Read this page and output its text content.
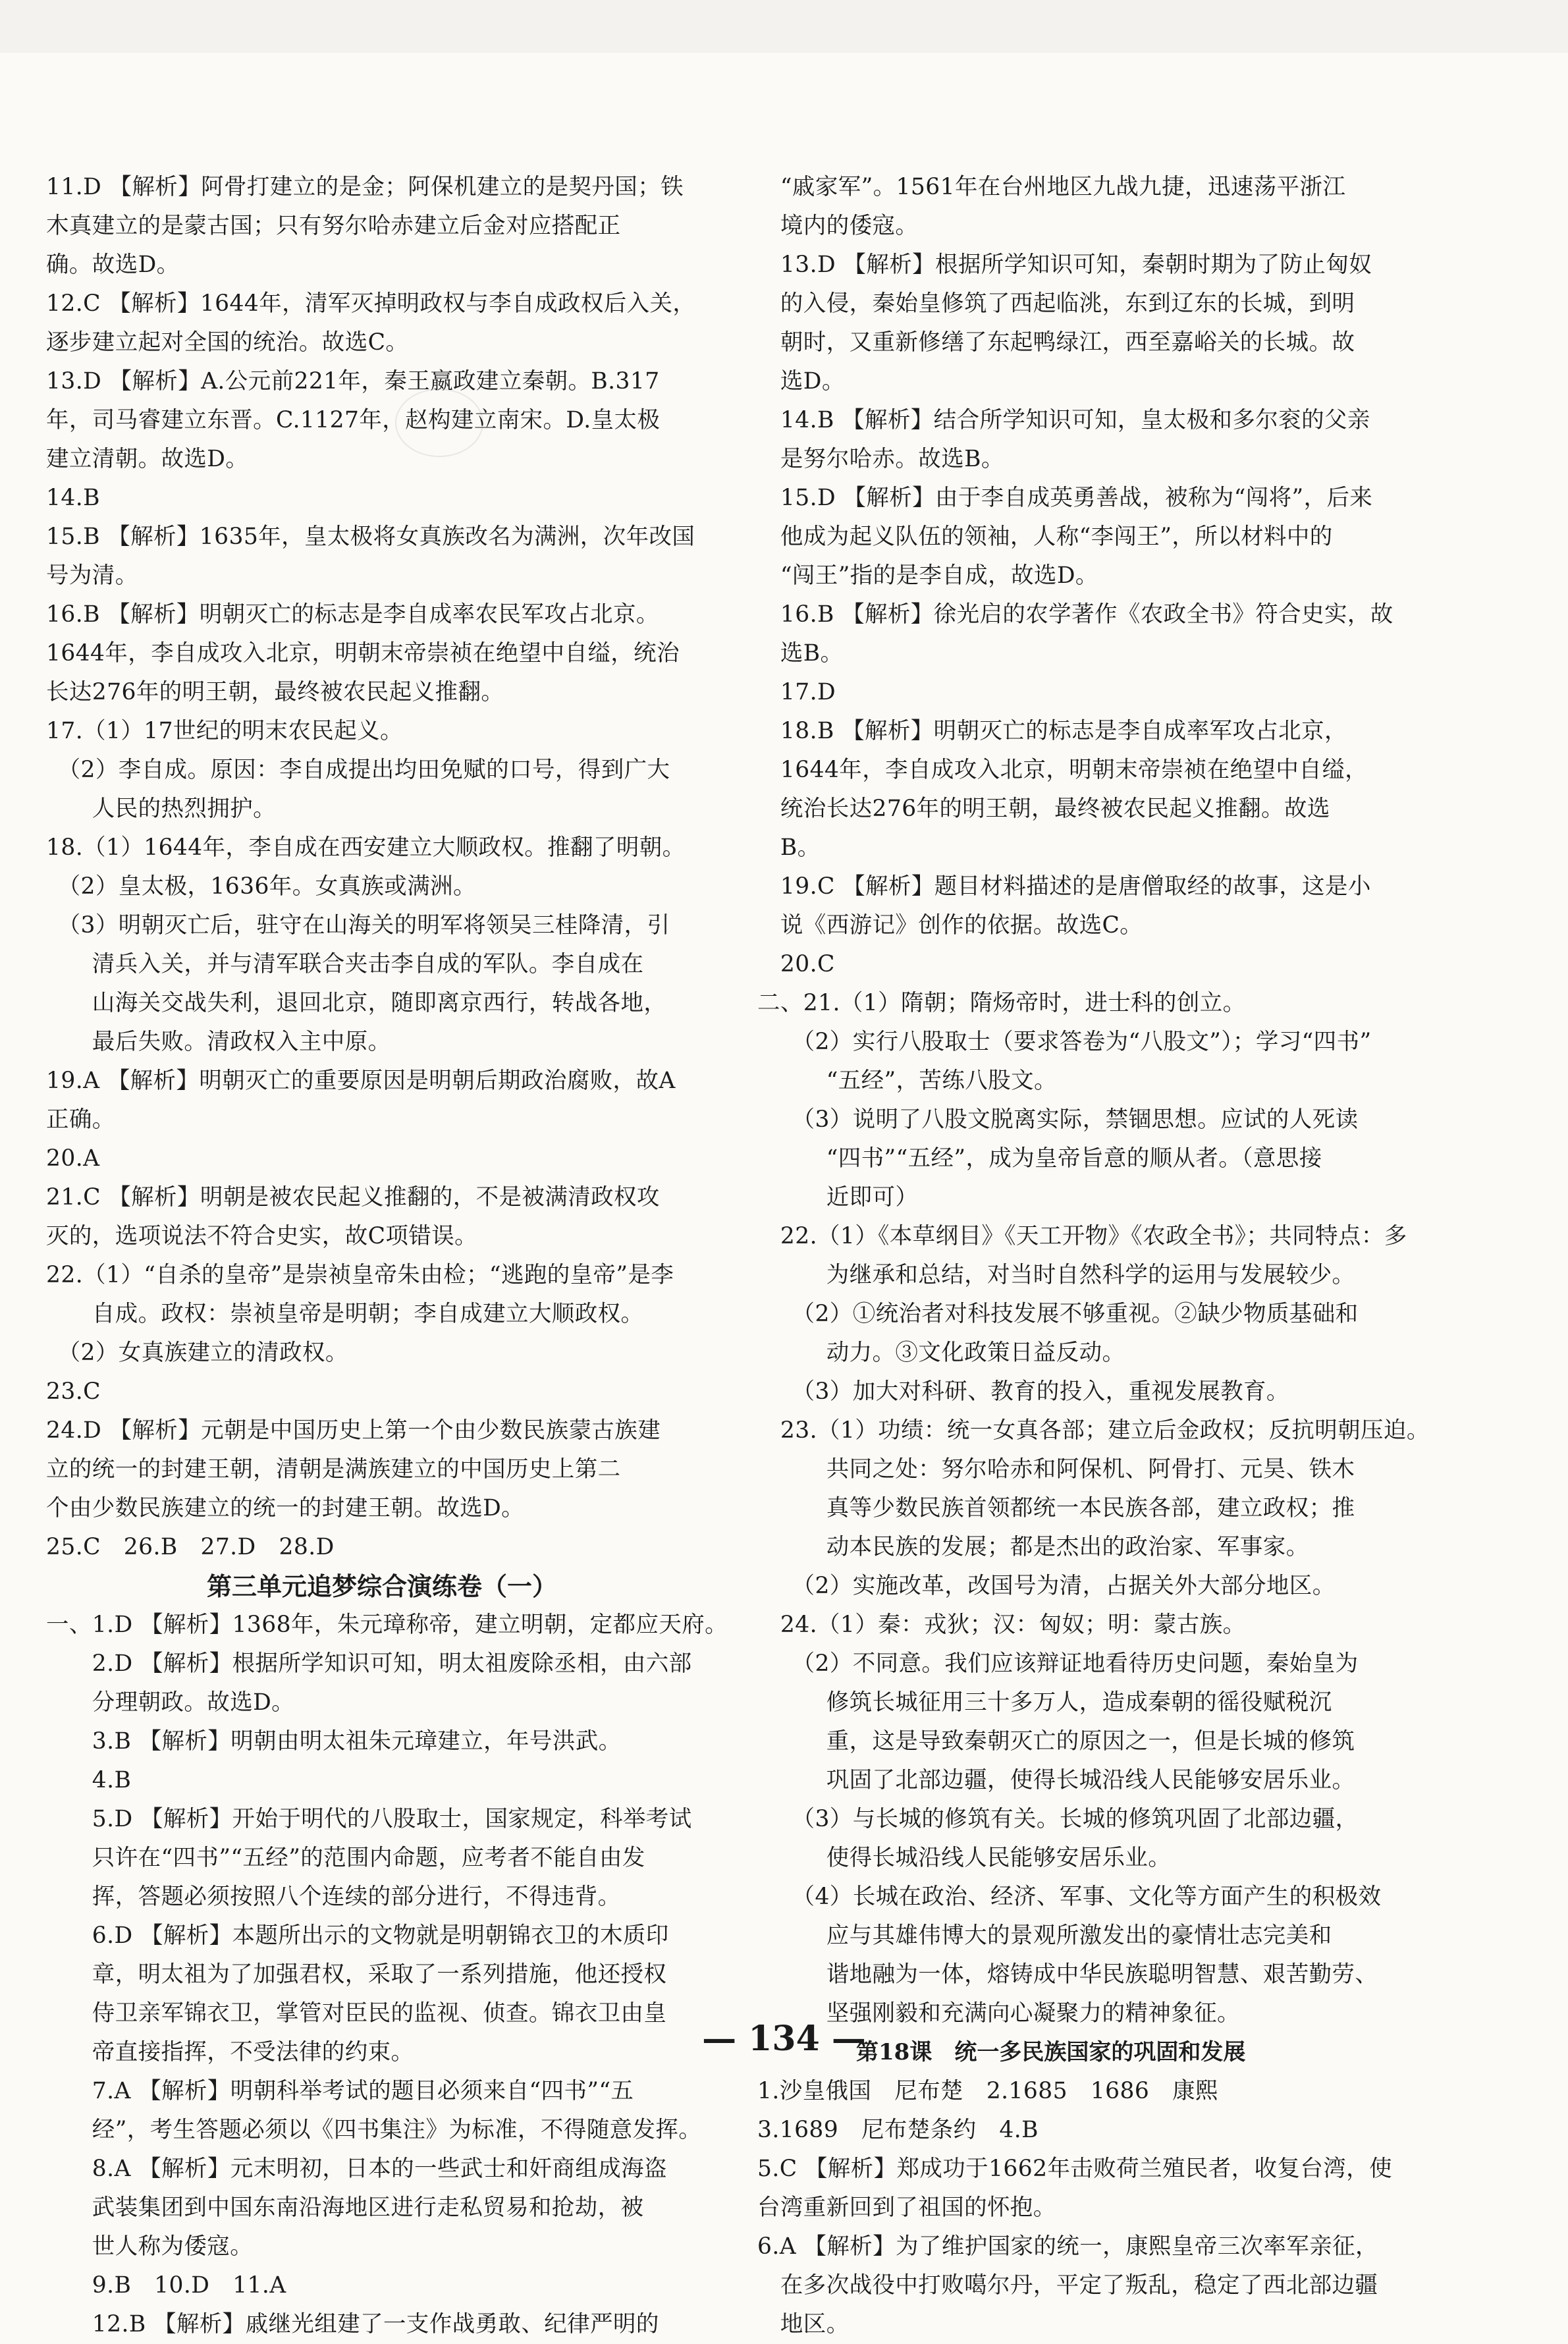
11.D 【解析】阿骨打建立的是金；阿保机建立的是契丹国；铁
木真建立的是蒙古国；只有努尔哈赤建立后金对应搭配正
确。故选D。
12.C 【解析】1644年，清军灭掉明政权与李自成政权后入关，
逐步建立起对全国的统治。故选C。
13.D 【解析】A.公元前221年，秦王嬴政建立秦朝。B.317
年，司马睿建立东晋。C.1127年，赵构建立南宋。D.皇太极
建立清朝。故选D。
14.B
15.B 【解析】1635年，皇太极将女真族改名为满洲，次年改国
号为清。
16.B 【解析】明朝灭亡的标志是李自成率农民军攻占北京。
1644年，李自成攻入北京，明朝末帝崇祯在绝望中自缢，统治
长达276年的明王朝，最终被农民起义推翻。
17.（1）17世纪的明末农民起义。
　（2）李自成。原因：李自成提出均田免赋的口号，得到广大
　　人民的热烈拥护。
18.（1）1644年，李自成在西安建立大顺政权。推翻了明朝。
　（2）皇太极，1636年。女真族或满洲。
　（3）明朝灭亡后，驻守在山海关的明军将领吴三桂降清，引
　　清兵入关，并与清军联合夹击李自成的军队。李自成在
　　山海关交战失利，退回北京，随即离京西行，转战各地，
　　最后失败。清政权入主中原。
19.A 【解析】明朝灭亡的重要原因是明朝后期政治腐败，故A
正确。
20.A
21.C 【解析】明朝是被农民起义推翻的，不是被满清政权攻
灭的，选项说法不符合史实，故C项错误。
22.（1）“自杀的皇帝”是崇祯皇帝朱由检；“逃跑的皇帝”是李
　　自成。政权：崇祯皇帝是明朝；李自成建立大顺政权。
　（2）女真族建立的清政权。
23.C
24.D 【解析】元朝是中国历史上第一个由少数民族蒙古族建
立的统一的封建王朝，清朝是满族建立的中国历史上第二
个由少数民族建立的统一的封建王朝。故选D。
25.C　26.B　27.D　28.D
第三单元追梦综合演练卷（一）
一、1.D 【解析】1368年，朱元璋称帝，建立明朝，定都应天府。
　　2.D 【解析】根据所学知识可知，明太祖废除丞相，由六部
　　分理朝政。故选D。
　　3.B 【解析】明朝由明太祖朱元璋建立，年号洪武。
　　4.B
　　5.D 【解析】开始于明代的八股取士，国家规定，科举考试
　　只许在“四书”“五经”的范围内命题，应考者不能自由发
　　挥，答题必须按照八个连续的部分进行，不得违背。
　　6.D 【解析】本题所出示的文物就是明朝锦衣卫的木质印
　　章，明太祖为了加强君权，采取了一系列措施，他还授权
　　侍卫亲军锦衣卫，掌管对臣民的监视、侦查。锦衣卫由皇
　　帝直接指挥，不受法律的约束。
　　7.A 【解析】明朝科举考试的题目必须来自“四书”“五
　　经”，考生答题必须以《四书集注》为标准，不得随意发挥。
　　8.A 【解析】元末明初，日本的一些武士和奸商组成海盗
　　武装集团到中国东南沿海地区进行走私贸易和抢劫，被
　　世人称为倭寇。
　　9.B　10.D　11.A
　　12.B 【解析】戚继光组建了一支作战勇敢、纪律严明的
　“戚家军”。1561年在台州地区九战九捷，迅速荡平浙江
　境内的倭寇。
　13.D 【解析】根据所学知识可知，秦朝时期为了防止匈奴
　的入侵，秦始皇修筑了西起临洮，东到辽东的长城，到明
　朝时，又重新修缮了东起鸭绿江，西至嘉峪关的长城。故
　选D。
　14.B 【解析】结合所学知识可知，皇太极和多尔衮的父亲
　是努尔哈赤。故选B。
　15.D 【解析】由于李自成英勇善战，被称为“闯将”，后来
　他成为起义队伍的领袖，人称“李闯王”，所以材料中的
　“闯王”指的是李自成，故选D。
　16.B 【解析】徐光启的农学著作《农政全书》符合史实，故
　选B。
　17.D
　18.B 【解析】明朝灭亡的标志是李自成率军攻占北京，
　1644年，李自成攻入北京，明朝末帝崇祯在绝望中自缢，
　统治长达276年的明王朝，最终被农民起义推翻。故选
　B。
　19.C 【解析】题目材料描述的是唐僧取经的故事，这是小
　说《西游记》创作的依据。故选C。
　20.C
二、21.（1）隋朝；隋炀帝时，进士科的创立。
　　（2）实行八股取士（要求答卷为“八股文”）；学习“四书”
　　　“五经”，苦练八股文。
　　（3）说明了八股文脱离实际，禁锢思想。应试的人死读
　　　“四书”“五经”，成为皇帝旨意的顺从者。（意思接
　　　近即可）
　22.（1）《本草纲目》《天工开物》《农政全书》；共同特点：多
　　　为继承和总结，对当时自然科学的运用与发展较少。
　　（2）①统治者对科技发展不够重视。②缺少物质基础和
　　　动力。③文化政策日益反动。
　　（3）加大对科研、教育的投入，重视发展教育。
　23.（1）功绩：统一女真各部；建立后金政权；反抗明朝压迫。
　　　共同之处：努尔哈赤和阿保机、阿骨打、元昊、铁木
　　　真等少数民族首领都统一本民族各部，建立政权；推
　　　动本民族的发展；都是杰出的政治家、军事家。
　　（2）实施改革，改国号为清，占据关外大部分地区。
　24.（1）秦：戎狄；汉：匈奴；明：蒙古族。
　　（2）不同意。我们应该辩证地看待历史问题，秦始皇为
　　　修筑长城征用三十多万人，造成秦朝的徭役赋税沉
　　　重，这是导致秦朝灭亡的原因之一，但是长城的修筑
　　　巩固了北部边疆，使得长城沿线人民能够安居乐业。
　　（3）与长城的修筑有关。长城的修筑巩固了北部边疆，
　　　使得长城沿线人民能够安居乐业。
　　（4）长城在政治、经济、军事、文化等方面产生的积极效
　　　应与其雄伟博大的景观所激发出的豪情壮志完美和
　　　谐地融为一体，熔铸成中华民族聪明智慧、艰苦勤劳、
　　　坚强刚毅和充满向心凝聚力的精神象征。
第18课　统一多民族国家的巩固和发展
1.沙皇俄国　尼布楚　2.1685　1686　康熙
3.1689　尼布楚条约　4.B
5.C 【解析】郑成功于1662年击败荷兰殖民者，收复台湾，使
台湾重新回到了祖国的怀抱。
6.A 【解析】为了维护国家的统一，康熙皇帝三次率军亲征，
　在多次战役中打败噶尔丹，平定了叛乱，稳定了西北部边疆
　地区。
— 134 —
